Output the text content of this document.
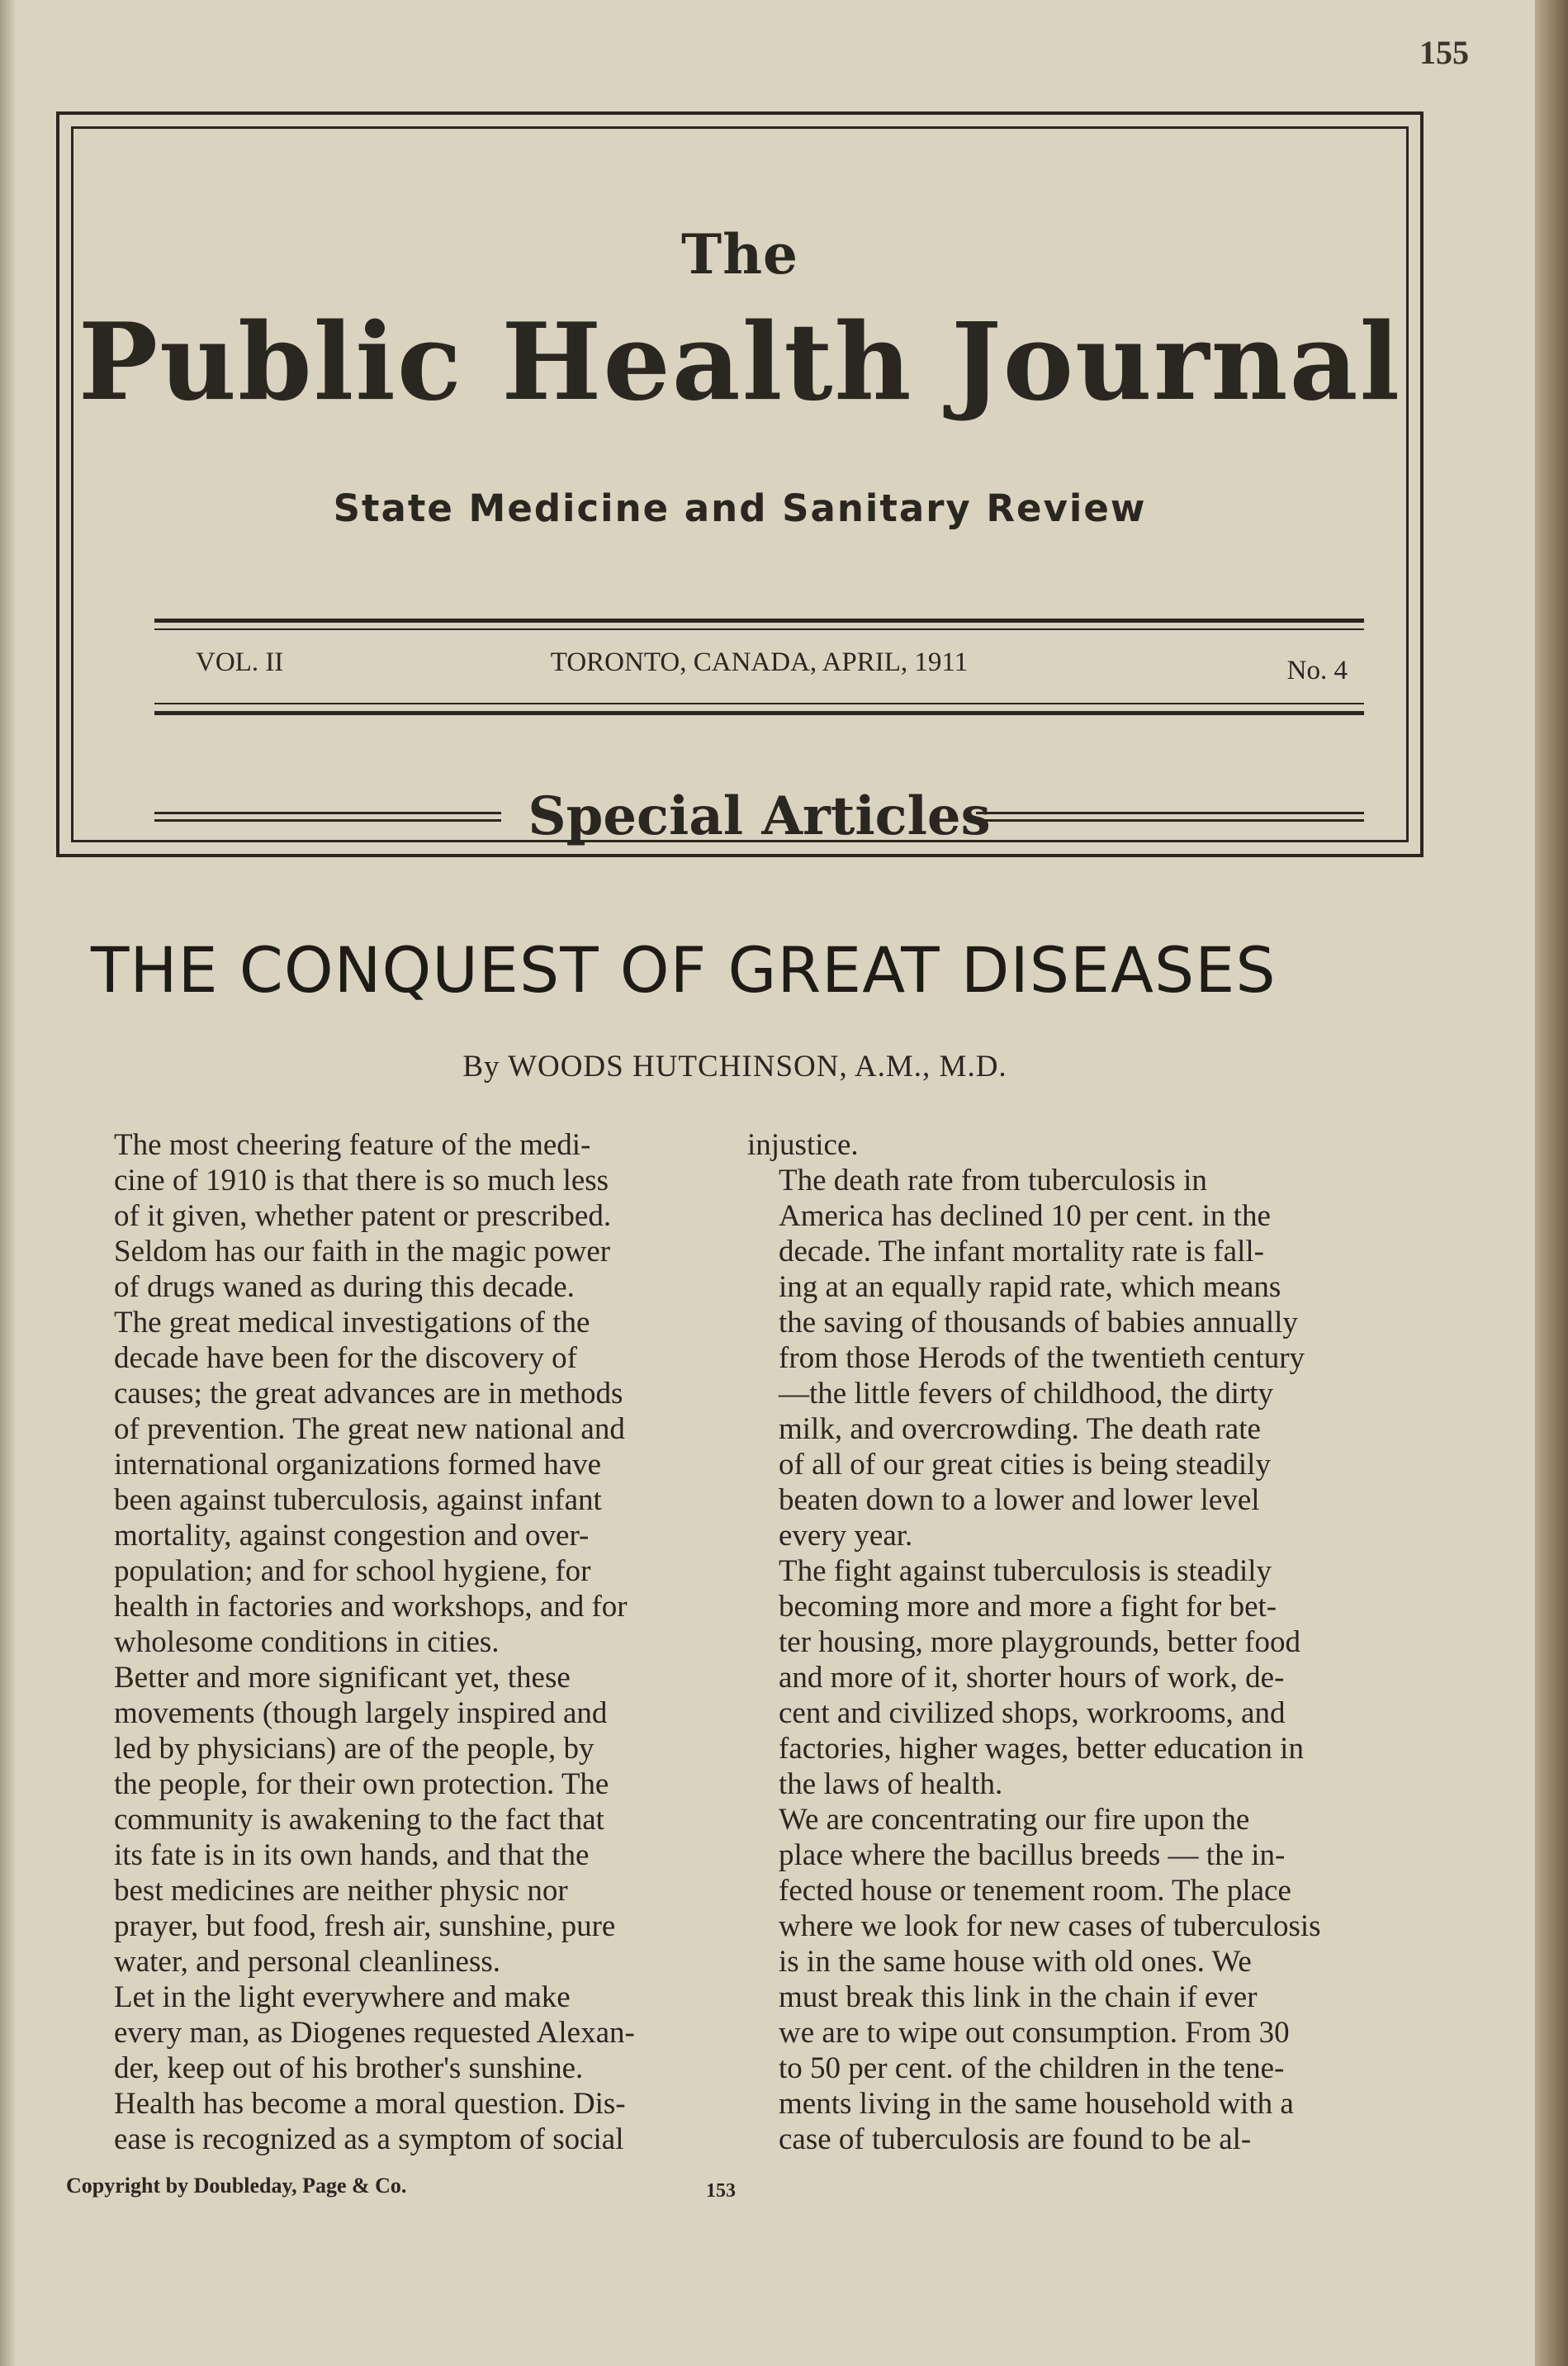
155
The
Public Health Journal
State Medicine and Sanitary Review
VOL. II	TORONTO, CANADA, APRIL, 1911	No. 4
Special Articles
THE CONQUEST OF GREAT DISEASES
By WOODS HUTCHINSON, A.M., M.D.

The most cheering feature of the medi-
cine of 1910 is that there is so much less
of it given, whether patent or prescribed.
Seldom has our faith in the magic power
of drugs waned as during this decade.

The great medical investigations of the
decade have been for the discovery of
causes; the great advances are in methods
of prevention. The great new national and
international organizations formed have
been against tuberculosis, against infant
mortality, against congestion and over-
population; and for school hygiene, for
health in factories and workshops, and for
wholesome conditions in cities.

Better and more significant yet, these
movements (though largely inspired and
led by physicians) are of the people, by
the people, for their own protection. The
community is awakening to the fact that
its fate is in its own hands, and that the
best medicines are neither physic nor
prayer, but food, fresh air, sunshine, pure
water, and personal cleanliness.

Let in the light everywhere and make
every man, as Diogenes requested Alexan-
der, keep out of his brother's sunshine.
Health has become a moral question. Dis-
ease is recognized as a symptom of social

injustice.

The death rate from tuberculosis in
America has declined 10 per cent. in the
decade. The infant mortality rate is fall-
ing at an equally rapid rate, which means
the saving of thousands of babies annually
from those Herods of the twentieth century
—the little fevers of childhood, the dirty
milk, and overcrowding. The death rate
of all of our great cities is being steadily
beaten down to a lower and lower level
every year.

The fight against tuberculosis is steadily
becoming more and more a fight for bet-
ter housing, more playgrounds, better food
and more of it, shorter hours of work, de-
cent and civilized shops, workrooms, and
factories, higher wages, better education in
the laws of health.

We are concentrating our fire upon the
place where the bacillus breeds — the in-
fected house or tenement room. The place
where we look for new cases of tuberculosis
is in the same house with old ones. We
must break this link in the chain if ever
we are to wipe out consumption. From 30
to 50 per cent. of the children in the tene-
ments living in the same household with a
case of tuberculosis are found to be al-

Copyright by Doubleday, Page & Co.	153
